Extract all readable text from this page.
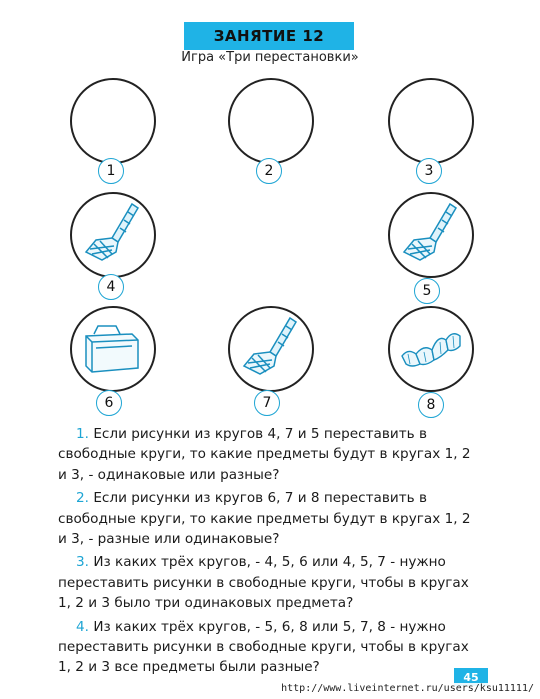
ЗАНЯТИЕ 12
Игра «Три перестановки»
1	2	3
4	5
6	7	8

1. Если рисунки из кругов 4, 7 и 5 переставить в свободные круги, то какие предметы будут в кругах 1, 2 и 3, - одинаковые или разные?

2. Если рисунки из кругов 6, 7 и 8 переставить в свободные круги, то какие предметы будут в кругах 1, 2 и 3, - разные или одинаковые?

3. Из каких трёх кругов, - 4, 5, 6 или 4, 5, 7 - нужно переставить рисунки в свободные круги, чтобы в кругах 1, 2 и 3 было три одинаковых предмета?

4. Из каких трёх кругов, - 5, 6, 8 или 5, 7, 8 - нужно переставить рисунки в свободные круги, чтобы в кругах 1, 2 и 3 все предметы были разные?

45
http://www.liveinternet.ru/users/ksu11111/
